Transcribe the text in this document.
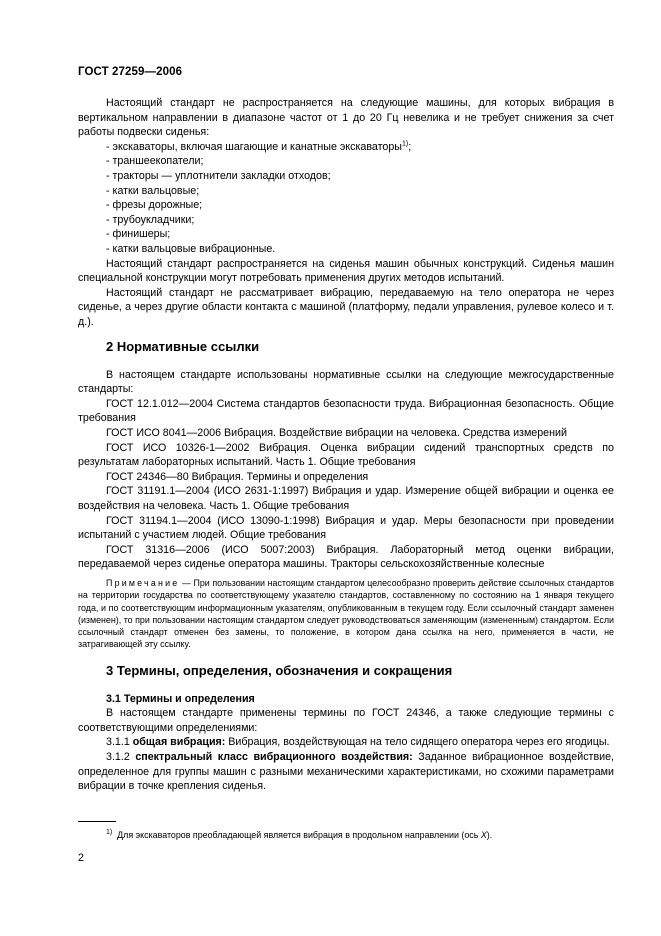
ГОСТ 27259—2006

Настоящий стандарт не распространяется на следующие машины, для которых вибрация в вертикальном направлении в диапазоне частот от 1 до 20 Гц невелика и не требует снижения за счет работы подвески сиденья:

- экскаваторы, включая шагающие и канатные экскаваторы$^{1)}$;

- траншеекопатели;

- тракторы — уплотнители закладки отходов;

- катки вальцовые;

- фрезы дорожные;

- трубоукладчики;

- финишеры;

- катки вальцовые вибрационные.

Настоящий стандарт распространяется на сиденья машин обычных конструкций. Сиденья машин специальной конструкции могут потребовать применения других методов испытаний.

Настоящий стандарт не рассматривает вибрацию, передаваемую на тело оператора не через сиденье, а через другие области контакта с машиной (платформу, педали управления, рулевое колесо и т. д.).

2 Нормативные ссылки

В настоящем стандарте использованы нормативные ссылки на следующие межгосударственные стандарты:

ГОСТ 12.1.012—2004 Система стандартов безопасности труда. Вибрационная безопасность. Общие требования

ГОСТ ИСО 8041—2006 Вибрация. Воздействие вибрации на человека. Средства измерений

ГОСТ ИСО 10326-1—2002 Вибрация. Оценка вибрации сидений транспортных средств по результатам лабораторных испытаний. Часть 1. Общие требования

ГОСТ 24346—80 Вибрация. Термины и определения

ГОСТ 31191.1—2004 (ИСО 2631-1:1997) Вибрация и удар. Измерение общей вибрации и оценка ее воздействия на человека. Часть 1. Общие требования

ГОСТ 31194.1—2004 (ИСО 13090-1:1998) Вибрация и удар. Меры безопасности при проведении испытаний с участием людей. Общие требования

ГОСТ 31316—2006 (ИСО 5007:2003) Вибрация. Лабораторный метод оценки вибрации, передаваемой через сиденье оператора машины. Тракторы сельскохозяйственные колесные

Примечание — При пользовании настоящим стандартом целесообразно проверить действие ссылочных стандартов на территории государства по соответствующему указателю стандартов, составленному по состоянию на 1 января текущего года, и по соответствующим информационным указателям, опубликованным в текущем году. Если ссылочный стандарт заменен (изменен), то при пользовании настоящим стандартом следует руководствоваться заменяющим (измененным) стандартом. Если ссылочный стандарт отменен без замены, то положение, в котором дана ссылка на него, применяется в части, не затрагивающей эту ссылку.

3 Термины, определения, обозначения и сокращения

3.1 Термины и определения

В настоящем стандарте применены термины по ГОСТ 24346, а также следующие термины с соответствующими определениями:

3.1.1 общая вибрация: Вибрация, воздействующая на тело сидящего оператора через его ягодицы.

3.1.2 спектральный класс вибрационного воздействия: Заданное вибрационное воздействие, определенное для группы машин с разными механическими характеристиками, но схожими параметрами вибрации в точке крепления сиденья.

$^{1)}$ Для экскаваторов преобладающей является вибрация в продольном направлении (ось X).
2
